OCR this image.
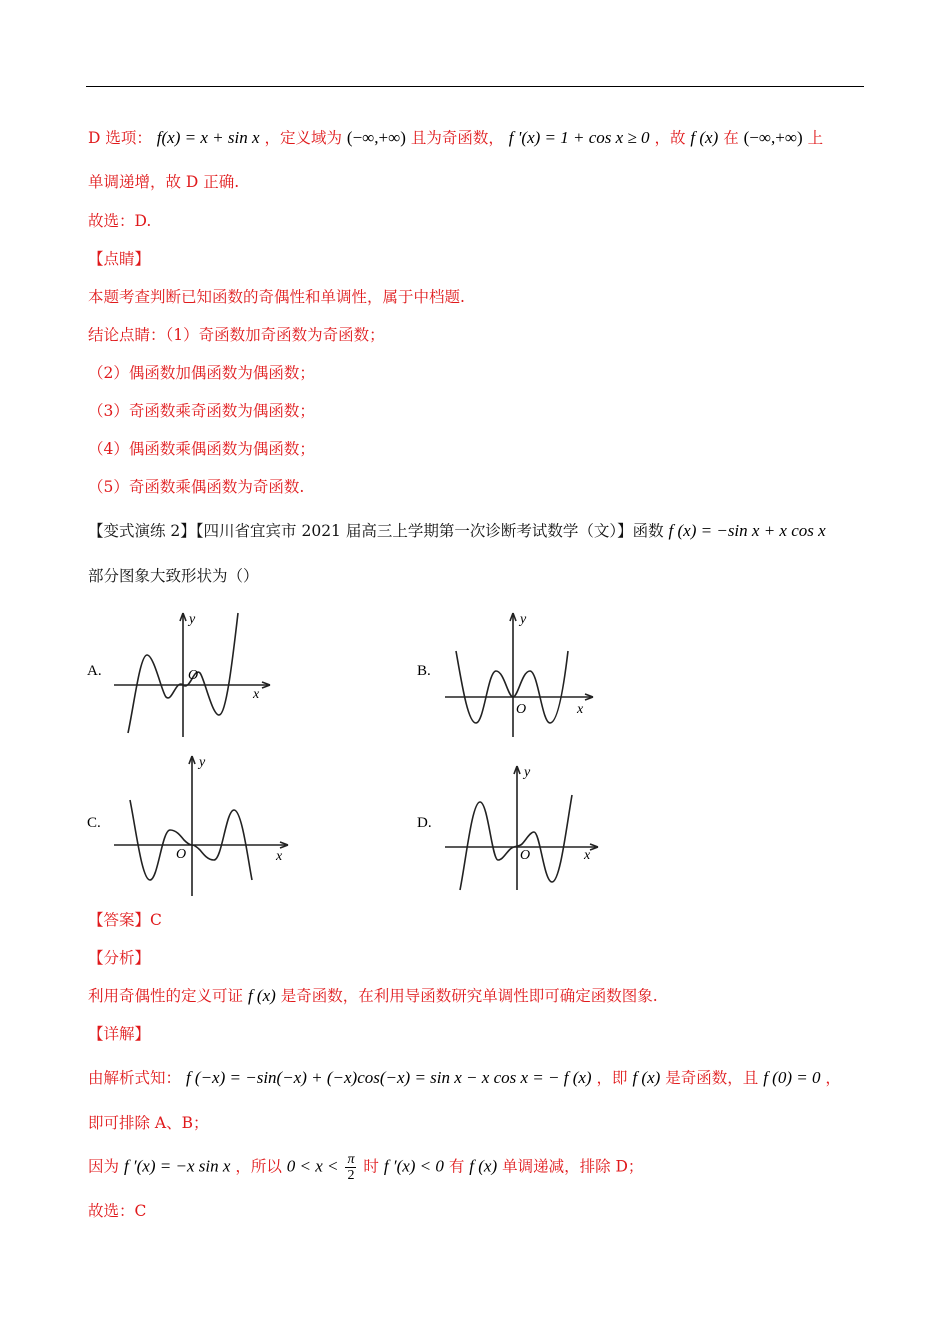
D 选项： f(x) = x + sin x ，定义域为 (−∞,+∞) 且为奇函数， f '(x) = 1 + cos x ≥ 0 ，故 f (x) 在 (−∞,+∞) 上
单调递增，故 D 正确.
故选：D.
【点睛】
本题考查判断已知函数的奇偶性和单调性，属于中档题.
结论点睛：（1）奇函数加奇函数为奇函数；
（2）偶函数加偶函数为偶函数；
（3）奇函数乘奇函数为偶函数；
（4）偶函数乘偶函数为偶函数；
（5）奇函数乘偶函数为奇函数.
【变式演练 2】【四川省宜宾市 2021 届高三上学期第一次诊断考试数学（文）】函数 f (x) = −sin x + x cos x
部分图象大致形状为（）
A.	B.
C.	D.
y
O
x
y
O	x
y
O	x
y
O	x
【答案】C
【分析】
利用奇偶性的定义可证 f (x) 是奇函数，在利用导函数研究单调性即可确定函数图象.
【详解】
由解析式知： f (−x) = −sin(−x) + (−x)cos(−x) = sin x − x cos x = − f (x) ，即 f (x) 是奇函数，且 f (0) = 0 ，
即可排除 A、B；
因为 f ′(x) = −x sin x ，所以 $0 < x < \frac{\pi}{2}$ 时 f ′(x) < 0 有 f (x) 单调递减，排除 D；
故选：C
